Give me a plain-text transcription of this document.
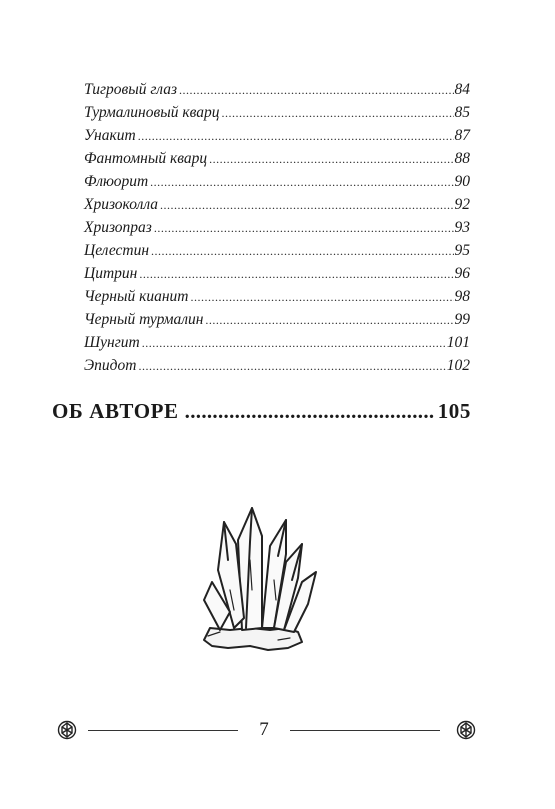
Тигровый глаз .....	84
Турмалиновый кварц .....	85
Унакит .....	87
Фантомный кварц .....	88
Флюорит .....	90
Хризоколла .....	92
Хризопраз .....	93
Целестин .....	95
Цитрин .....	96
Черный кианит .....	98
Черный турмалин .....	99
Шунгит .....	101
Эпидот .....	102
ОБ АВТОРЕ .....	105
7
